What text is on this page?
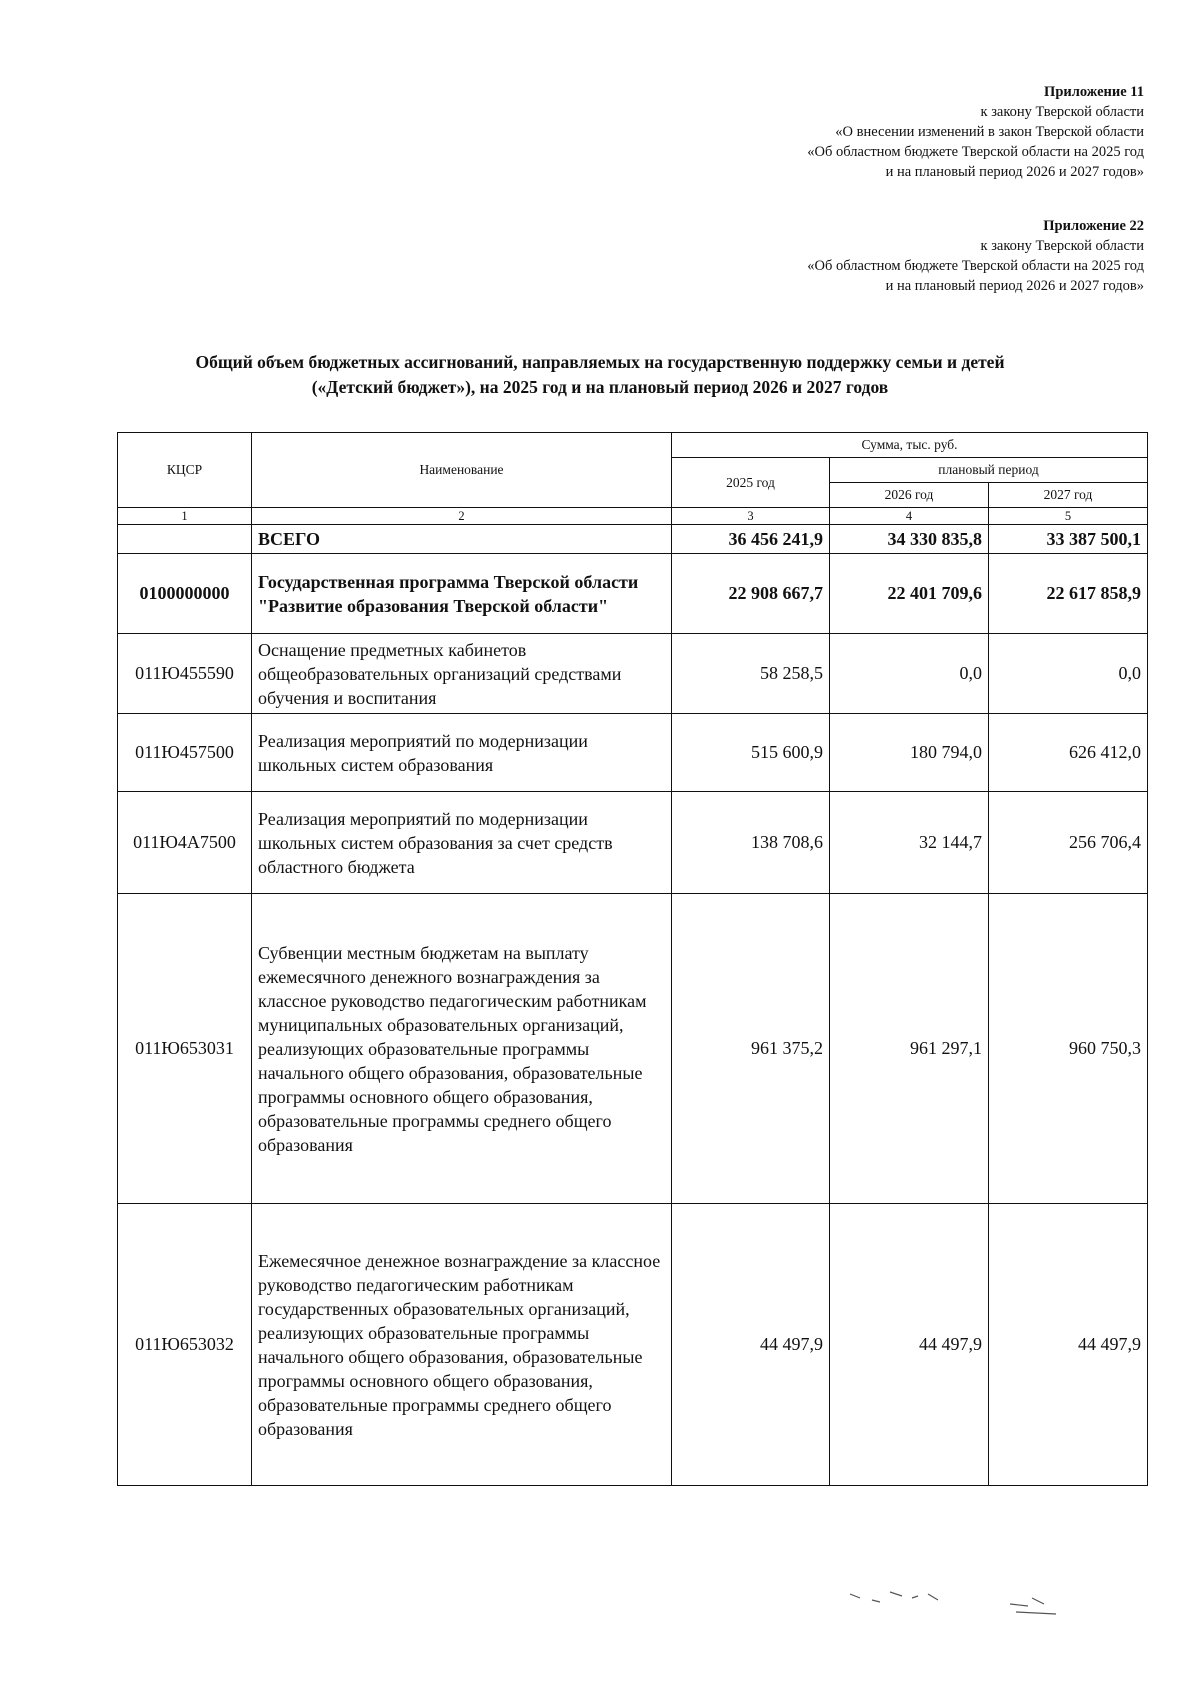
Приложение 11
к закону Тверской области
«О внесении изменений в закон Тверской области
«Об областном бюджете Тверской области на 2025 год
и на плановый период 2026 и 2027 годов»
Приложение 22
к закону Тверской области
«Об областном бюджете Тверской области на 2025 год
и на плановый период 2026 и 2027 годов»
Общий объем бюджетных ассигнований, направляемых на государственную поддержку семьи и детей
(«Детский бюджет»), на 2025 год и на плановый период 2026 и 2027 годов
КЦСР	Наименование	Сумма, тыс. руб.		
		2025 год	плановый период	
			2026 год	2027 год
1	2	3	4	5
	ВСЕГО	36 456 241,9	34 330 835,8	33 387 500,1
0100000000	Государственная программа Тверской области "Развитие образования Тверской области"	22 908 667,7	22 401 709,6	22 617 858,9
011Ю455590	Оснащение предметных кабинетов общеобразовательных организаций средствами обучения и воспитания	58 258,5	0,0	0,0
011Ю457500	Реализация мероприятий по модернизации школьных систем образования	515 600,9	180 794,0	626 412,0
011Ю4А7500	Реализация мероприятий по модернизации школьных систем образования за счет средств областного бюджета	138 708,6	32 144,7	256 706,4
011Ю653031	Субвенции местным бюджетам на выплату ежемесячного денежного вознаграждения за классное руководство педагогическим работникам муниципальных образовательных организаций, реализующих образовательные программы начального общего образования, образовательные программы основного общего образования, образовательные программы среднего общего образования	961 375,2	961 297,1	960 750,3
011Ю653032	Ежемесячное денежное вознаграждение за классное руководство педагогическим работникам государственных образовательных организаций, реализующих образовательные программы начального общего образования, образовательные программы основного общего образования, образовательные программы среднего общего образования	44 497,9	44 497,9	44 497,9
